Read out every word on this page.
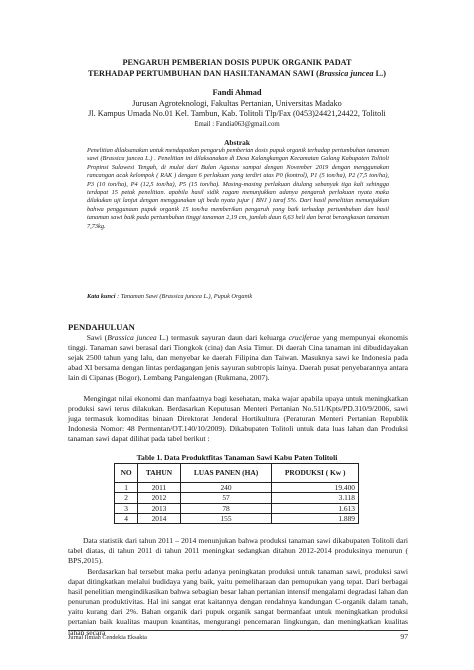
PENGARUH PEMBERIAN DOSIS PUPUK ORGANIK PADAT
TERHADAP PERTUMBUHAN DAN HASILTANAMAN SAWI (Brassica juncea L.)
Fandi Ahmad
Jurusan Agroteknologi, Fakultas Pertanian, Universitas Madako
Jl. Kampus Umada No.01 Kel. Tambun, Kab. Tolitoli Tlp/Fax (0453)24421,24422, Tolitoli
Email : Fandia063@gmail.com
Abstrak
Penelitian dilaksanakan untuk mendapatkan pengaruh pemberian dosis pupuk organik terhadap pertumbuhan tanaman sawi (Brassica juncea L.) . Penelitian ini dilaksanakan di Desa Kalangkangan Kecamatan Galang Kabupaten Tolitoli Propinsi Sulawesi Tengah, di mulai dari Bulan Agustus sampai dengan November 2019 dengan menggunakan rancangan acak kelompok ( RAK ) dengan 6 perlakuan yang terdiri atas P0 (kontrol), P1 (5 ton/ha), P2 (7,5 ton/ha), P3 (10 ton/ha), P4 (12,5 ton/ha), P5 (15 ton/ha). Masing-masing perlakuan diulang sebanyak tiga kali sehingga terdapat 15 petak penelitian. apabila hasil sidik ragam menunjukkan adanya pengaruh perlakuan nyata maka dilakukan uji lanjut dengan menggunakan uji beda nyata jujur ( BNJ ) taraf 5%. Dari hasil penelitian menunjukkan bahwa penggunaan pupuk organik 15 ton/ha memberikan pengaruh yang baik terhadap pertumbuhan dan hasil tanaman sawi baik pada pertumbuhan tinggi tanaman 2,19 cm, jumlah daun 6,63 heli dan berat berangkasan tanaman 7,73kg.
Kata kunci : Tanaman Sawi (Brassica juncea L.), Pupuk Organik
PENDAHULUAN
Sawi (Brassica juncea L.) termasuk sayuran daun dari keluarga cruciferae yang mempunyai ekonomis tinggi. Tanaman sawi berasal dari Tiongkok (cina) dan Asia Timur. Di daerah Cina tanaman ini dibudidayakan sejak 2500 tahun yang lalu, dan menyebar ke daerah Filipina dan Taiwan. Masuknya sawi ke Indonesia pada abad XI bersama dengan lintas perdagangan jenis sayuran subtropis lainya. Daerah pusat penyebarannya antara lain di Cipanas (Bogor), Lembang Pangalengan (Rukmana, 2007).
Mengingat nilai ekonomi dan manfaatnya bagi kesehatan, maka wajar apabila upaya untuk meningkatkan produksi sawi terus dilakukan. Berdasarkan Keputusan Menteri Pertanian No.511/Kpts/PD.310/9/2006, sawi juga termasuk komoditas binaan Direktorat Jenderal Hortikultura (Peraturan Menteri Pertanian Republik Indonesia Nomor: 48 Permentan/OT.140/10/2009). Dikabupaten Tolitoli untuk data luas lahan dan Produksi tanaman sawi dapat dilihat pada tabel berikut :
Table 1. Data Produktfitas Tanaman Sawi Kabu Paten Tolitoli
NO	TAHUN	LUAS PANEN (HA)	PRODUKSI ( Kw )
1	2011	240	19.400
2	2012	57	3.118
3	2013	78	1.613
4	2014	155	1.889
Data statistik dari tahun 2011 – 2014 menunjukan bahwa produksi tanaman sawi dikabupaten Tolitoli dari tabel diatas, di tahun 2011 di tahun 2011 meningkat sedangkan ditahun 2012-2014 produksinya menurun ( BPS,2015).
Berdasarkan hal tersebut maka perlu adanya peningkatan produksi untuk tanaman sawi, produksi sawi dapat ditingkatkan melalui budidaya yang baik, yaitu pemeliharaan dan pemupukan yang tepat. Dari berbagai hasil penelitian mengindikasikan bahwa sebagian besar lahan pertanian intensif mengalami degradasi lahan dan penurunan produktivitas. Hal ini sangat erat kaitannya dengan rendahnya kandungan C-organik dalam tanah, yaitu kurang dari 2%. Bahan organik dari pupuk organik sangat bermanfaat untuk meningkatkan produksi pertanian baik kualitas maupun kuantitas, mengurangi pencemaran lingkungan, dan meningkatkan kualitas lahan secara
Jurnal Ilmiah Cendekia Eksakta	97
